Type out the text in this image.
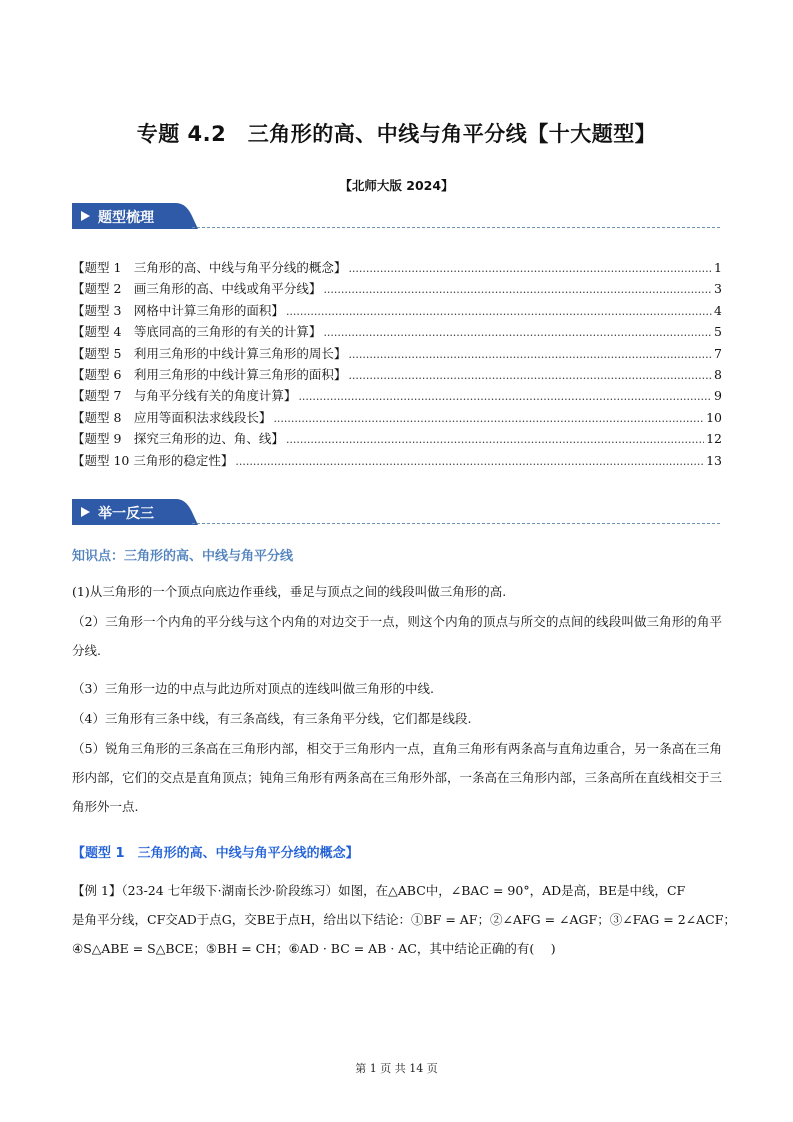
专题 4.2　三角形的高、中线与角平分线【十大题型】
【北师大版 2024】
题型梳理
【题型 1　三角形的高、中线与角平分线的概念】 .....	1
【题型 2　画三角形的高、中线或角平分线】 .....	3
【题型 3　网格中计算三角形的面积】 .....	4
【题型 4　等底同高的三角形的有关的计算】 .....	5
【题型 5　利用三角形的中线计算三角形的周长】 .....	7
【题型 6　利用三角形的中线计算三角形的面积】 .....	8
【题型 7　与角平分线有关的角度计算】 .....	9
【题型 8　应用等面积法求线段长】 .....	10
【题型 9　探究三角形的边、角、线】 .....	12
【题型 10 三角形的稳定性】 .....	13
举一反三
知识点：三角形的高、中线与角平分线
(1)从三角形的一个顶点向底边作垂线，垂足与顶点之间的线段叫做三角形的高.
（2）三角形一个内角的平分线与这个内角的对边交于一点，则这个内角的顶点与所交的点间的线段叫做三角形的角平分线.
（3）三角形一边的中点与此边所对顶点的连线叫做三角形的中线.
（4）三角形有三条中线，有三条高线，有三条角平分线，它们都是线段.
（5）锐角三角形的三条高在三角形内部，相交于三角形内一点，直角三角形有两条高与直角边重合，另一条高在三角形内部，它们的交点是直角顶点；钝角三角形有两条高在三角形外部，一条高在三角形内部，三条高所在直线相交于三角形外一点.
【题型 1　三角形的高、中线与角平分线的概念】
【例 1】（23-24 七年级下·湖南长沙·阶段练习）如图，在△ABC中，∠BAC = 90°，AD是高，BE是中线，CF
是角平分线，CF交AD于点G，交BE于点H，给出以下结论：①BF = AF；②∠AFG = ∠AGF；③∠FAG = 2∠ACF；
④S△ABE = S△BCE；⑤BH = CH；⑥AD · BC = AB · AC，其中结论正确的有(　 )
第 1 页 共 14 页
